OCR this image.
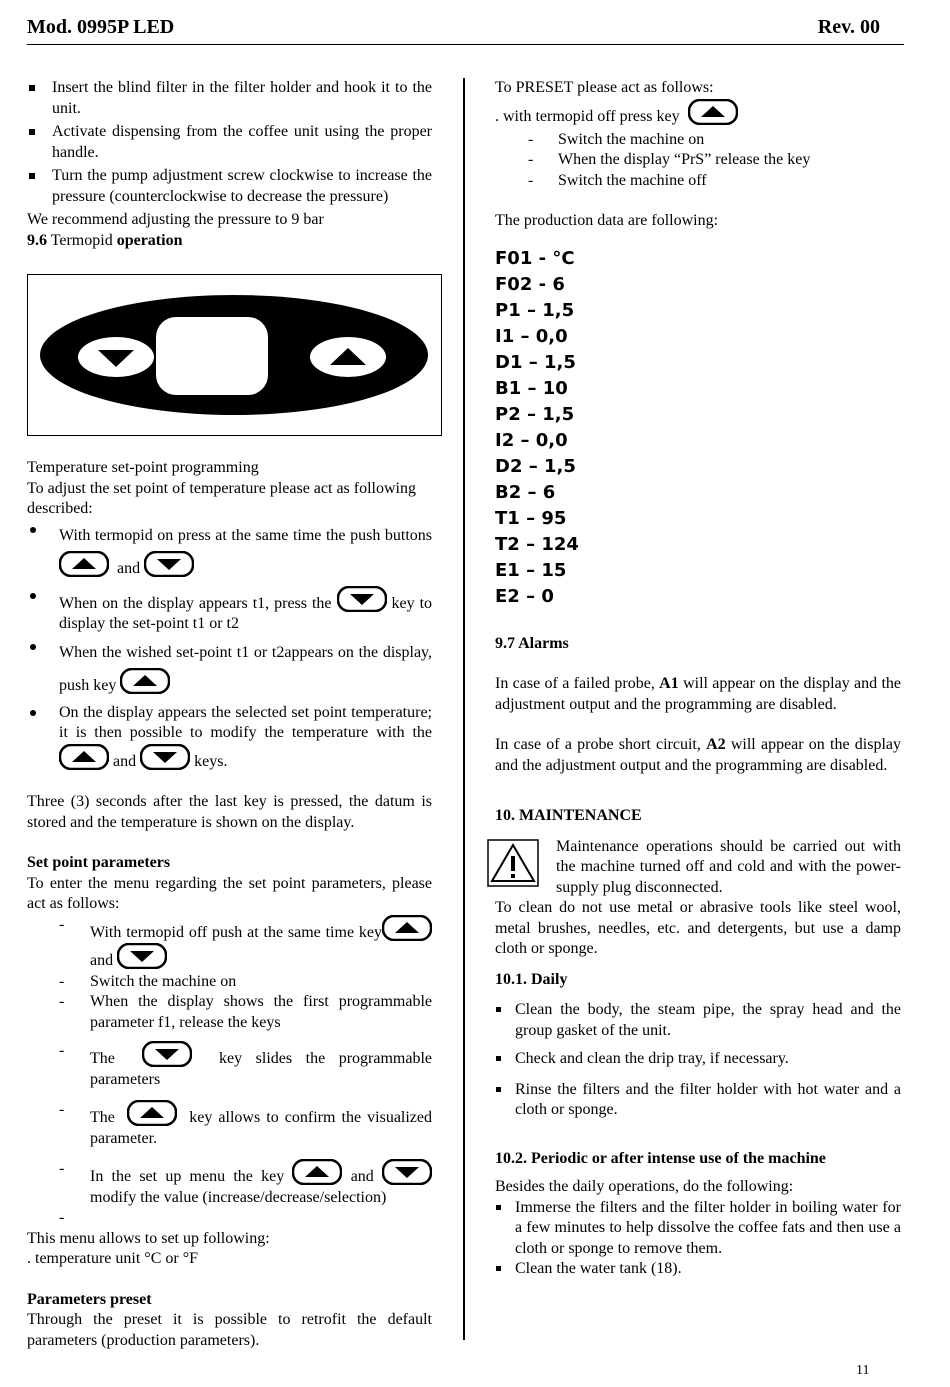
Mod. 0995P LED	Rev. 00
Insert the blind filter in the filter holder and hook it to the unit.
Activate dispensing from the coffee unit using the proper handle.
Turn the pump adjustment screw clockwise to increase the pressure (counterclockwise to decrease the pressure)

We recommend adjusting the pressure to 9 bar

9.6 Termopid operation

Temperature set-point programming

To adjust the set point of temperature please act as following described:

With termopid on press at the same time the push buttons
and
When on the display appears t1, press the	key to display the set-point t1 or t2
When the wished set-point t1 or t2appears on the display, push key
On the display appears the selected set point temperature; it is then possible to modify the temperature with the
and	keys.

Three (3) seconds after the last key is pressed, the datum is stored and the temperature is shown on the display.

Set point parameters

To enter the menu regarding the set point parameters, please act as follows:

- With termopid off push at the same time key
and
- Switch the machine on
- When the display shows the first programmable parameter f1, release the keys
- The	key slides the programmable parameters
- The	key allows to confirm the visualized parameter.
- In the set up menu the key	and
modify the value (increase/decrease/selection)

-

This menu allows to set up following:

. temperature unit °C or °F

Parameters preset

Through the preset it is possible to retrofit the default parameters (production parameters).

To PRESET please act as follows:

. with termopid off press key

- Switch the machine on
- When the display “PrS” release the key
- Switch the machine off

The production data are following:

F01 - °C
F02 - 6
P1 – 1,5
I1 – 0,0
D1 – 1,5
B1 – 10
P2 – 1,5
I2 – 0,0
D2 – 1,5
B2 – 6
T1 – 95
T2 – 124
E1 – 15
E2 – 0

9.7 Alarms

In case of a failed probe, A1 will appear on the display and the adjustment output and the programming are disabled.

In case of a probe short circuit, A2 will appear on the display and the adjustment output and the programming are disabled.

10. MAINTENANCE

Maintenance operations should be carried out with the machine turned off and cold and with the power-supply plug disconnected.

To clean do not use metal or abrasive tools like steel wool, metal brushes, needles, etc. and detergents, but use a damp cloth or sponge.

10.1. Daily

Clean the body, the steam pipe, the spray head and the group gasket of the unit.
Check and clean the drip tray, if necessary.
Rinse the filters and the filter holder with hot water and a cloth or sponge.

10.2. Periodic or after intense use of the machine

Besides the daily operations, do the following:

Immerse the filters and the filter holder in boiling water for a few minutes to help dissolve the coffee fats and then use a cloth or sponge to remove them.
Clean the water tank (18).
11
